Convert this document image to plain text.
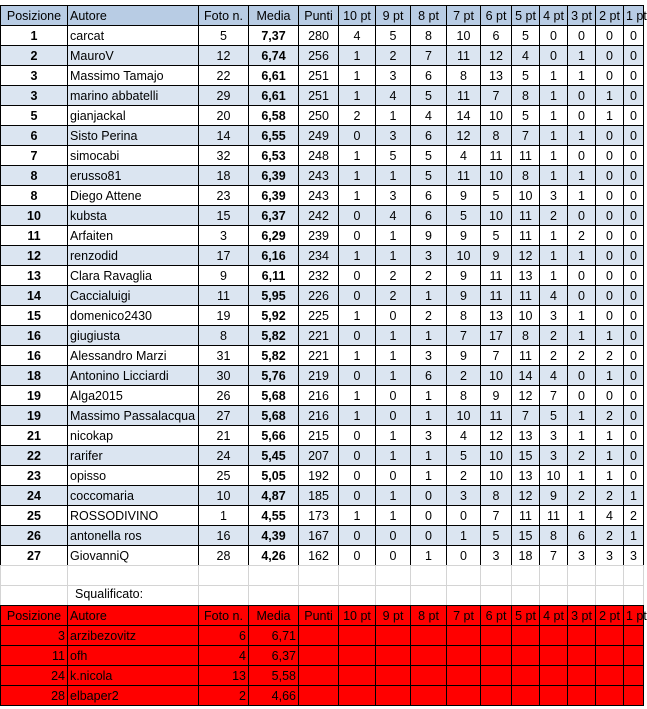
Posizione	Autore	Foto n.	Media	Punti	10 pt	9 pt	8 pt	7 pt	6 pt	5 pt	4 pt	3 pt	2 pt	1 pt
1	carcat	5	7,37	280	4	5	8	10	6	5	0	0	0	0
2	MauroV	12	6,74	256	1	2	7	11	12	4	0	1	0	0
3	Massimo Tamajo	22	6,61	251	1	3	6	8	13	5	1	1	0	0
3	marino abbatelli	29	6,61	251	1	4	5	11	7	8	1	0	1	0
5	gianjackal	20	6,58	250	2	1	4	14	10	5	1	0	1	0
6	Sisto Perina	14	6,55	249	0	3	6	12	8	7	1	1	0	0
7	simocabi	32	6,53	248	1	5	5	4	11	11	1	0	0	0
8	erusso81	18	6,39	243	1	1	5	11	10	8	1	1	0	0
8	Diego Attene	23	6,39	243	1	3	6	9	5	10	3	1	0	0
10	kubsta	15	6,37	242	0	4	6	5	10	11	2	0	0	0
11	Arfaiten	3	6,29	239	0	1	9	9	5	11	1	2	0	0
12	renzodid	17	6,16	234	1	1	3	10	9	12	1	1	0	0
13	Clara Ravaglia	9	6,11	232	0	2	2	9	11	13	1	0	0	0
14	Caccialuigi	11	5,95	226	0	2	1	9	11	11	4	0	0	0
15	domenico2430	19	5,92	225	1	0	2	8	13	10	3	1	0	0
16	giugiusta	8	5,82	221	0	1	1	7	17	8	2	1	1	0
16	Alessandro Marzi	31	5,82	221	1	1	3	9	7	11	2	2	2	0
18	Antonino Licciardi	30	5,76	219	0	1	6	2	10	14	4	0	1	0
19	Alga2015	26	5,68	216	1	0	1	8	9	12	7	0	0	0
19	Massimo Passalacqua	27	5,68	216	1	0	1	10	11	7	5	1	2	0
21	nicokap	21	5,66	215	0	1	3	4	12	13	3	1	1	0
22	rarifer	24	5,45	207	0	1	1	5	10	15	3	2	1	0
23	opisso	25	5,05	192	0	0	1	2	10	13	10	1	1	0
24	coccomaria	10	4,87	185	0	1	0	3	8	12	9	2	2	1
25	ROSSODIVINO	1	4,55	173	1	1	0	0	7	11	11	1	4	2
26	antonella ros	16	4,39	167	0	0	0	1	5	15	8	6	2	1
27	GiovanniQ	28	4,26	162	0	0	1	0	3	18	7	3	3	3

Squalificato:
Posizione	Autore	Foto n.	Media	Punti	10 pt	9 pt	8 pt	7 pt	6 pt	5 pt	4 pt	3 pt	2 pt	1 pt
3	arzibezovitz	6	6,71											
11	ofh	4	6,37											
24	k.nicola	13	5,58											
28	elbaper2	2	4,66											
